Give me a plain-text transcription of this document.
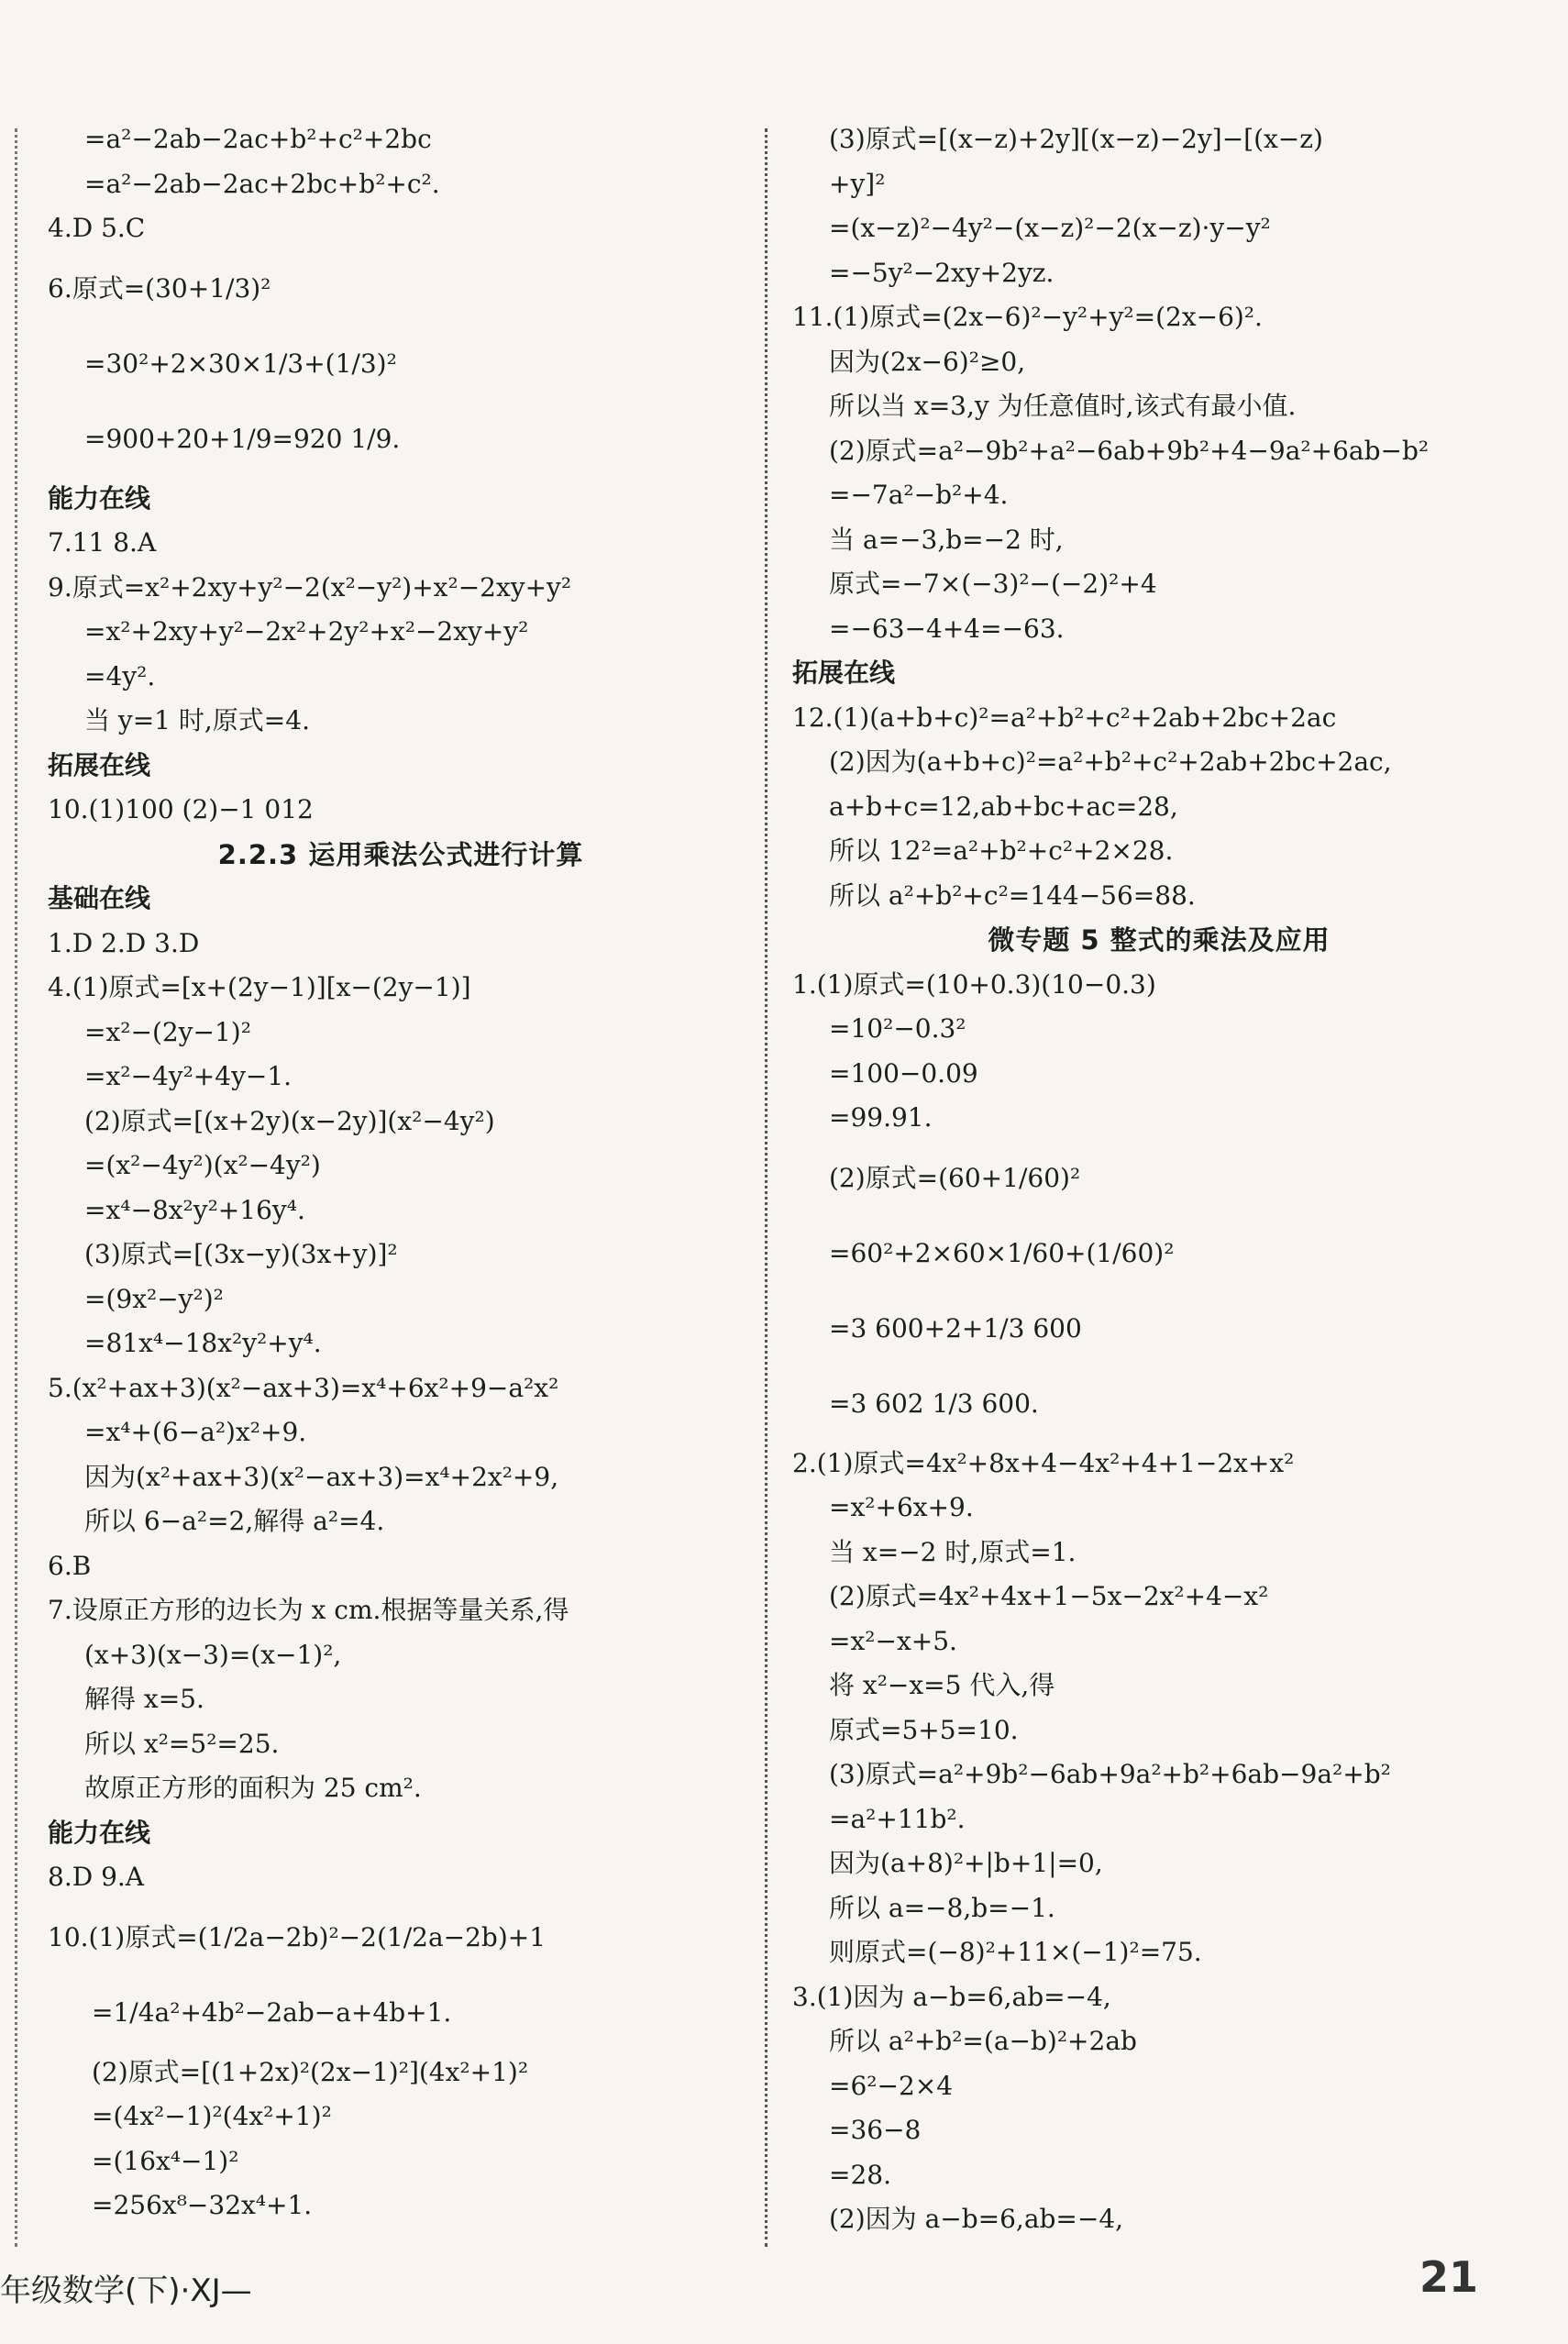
=a²−2ab−2ac+b²+c²+2bc
=a²−2ab−2ac+2bc+b²+c².
4.D 5.C
6.原式=(30+1/3)²
=30²+2×30×1/3+(1/3)²
=900+20+1/9=920 1/9.
能力在线
7.11 8.A
9.原式=x²+2xy+y²−2(x²−y²)+x²−2xy+y²
=x²+2xy+y²−2x²+2y²+x²−2xy+y²
=4y².
当 y=1 时,原式=4.
拓展在线
10.(1)100 (2)−1 012
2.2.3 运用乘法公式进行计算
基础在线
1.D 2.D 3.D
4.(1)原式=[x+(2y−1)][x−(2y−1)]
=x²−(2y−1)²
=x²−4y²+4y−1.
(2)原式=[(x+2y)(x−2y)](x²−4y²)
=(x²−4y²)(x²−4y²)
=x⁴−8x²y²+16y⁴.
(3)原式=[(3x−y)(3x+y)]²
=(9x²−y²)²
=81x⁴−18x²y²+y⁴.
5.(x²+ax+3)(x²−ax+3)=x⁴+6x²+9−a²x²
=x⁴+(6−a²)x²+9.
因为(x²+ax+3)(x²−ax+3)=x⁴+2x²+9,
所以 6−a²=2,解得 a²=4.
6.B
7.设原正方形的边长为 x cm.根据等量关系,得
(x+3)(x−3)=(x−1)²,
解得 x=5.
所以 x²=5²=25.
故原正方形的面积为 25 cm².
能力在线
8.D 9.A
10.(1)原式=(1/2a−2b)²−2(1/2a−2b)+1
=1/4a²+4b²−2ab−a+4b+1.
(2)原式=[(1+2x)²(2x−1)²](4x²+1)²
=(4x²−1)²(4x²+1)²
=(16x⁴−1)²
=256x⁸−32x⁴+1.
(3)原式=[(x−z)+2y][(x−z)−2y]−[(x−z)
+y]²
=(x−z)²−4y²−(x−z)²−2(x−z)·y−y²
=−5y²−2xy+2yz.
11.(1)原式=(2x−6)²−y²+y²=(2x−6)².
因为(2x−6)²≥0,
所以当 x=3,y 为任意值时,该式有最小值.
(2)原式=a²−9b²+a²−6ab+9b²+4−9a²+6ab−b²
=−7a²−b²+4.
当 a=−3,b=−2 时,
原式=−7×(−3)²−(−2)²+4
=−63−4+4=−63.
拓展在线
12.(1)(a+b+c)²=a²+b²+c²+2ab+2bc+2ac
(2)因为(a+b+c)²=a²+b²+c²+2ab+2bc+2ac,
a+b+c=12,ab+bc+ac=28,
所以 12²=a²+b²+c²+2×28.
所以 a²+b²+c²=144−56=88.
微专题 5 整式的乘法及应用
1.(1)原式=(10+0.3)(10−0.3)
=10²−0.3²
=100−0.09
=99.91.
(2)原式=(60+1/60)²
=60²+2×60×1/60+(1/60)²
=3 600+2+1/3 600
=3 602 1/3 600.
2.(1)原式=4x²+8x+4−4x²+4+1−2x+x²
=x²+6x+9.
当 x=−2 时,原式=1.
(2)原式=4x²+4x+1−5x−2x²+4−x²
=x²−x+5.
将 x²−x=5 代入,得
原式=5+5=10.
(3)原式=a²+9b²−6ab+9a²+b²+6ab−9a²+b²
=a²+11b².
因为(a+8)²+|b+1|=0,
所以 a=−8,b=−1.
则原式=(−8)²+11×(−1)²=75.
3.(1)因为 a−b=6,ab=−4,
所以 a²+b²=(a−b)²+2ab
=6²−2×4
=36−8
=28.
(2)因为 a−b=6,ab=−4,
年级数学(下)·XJ—	21
